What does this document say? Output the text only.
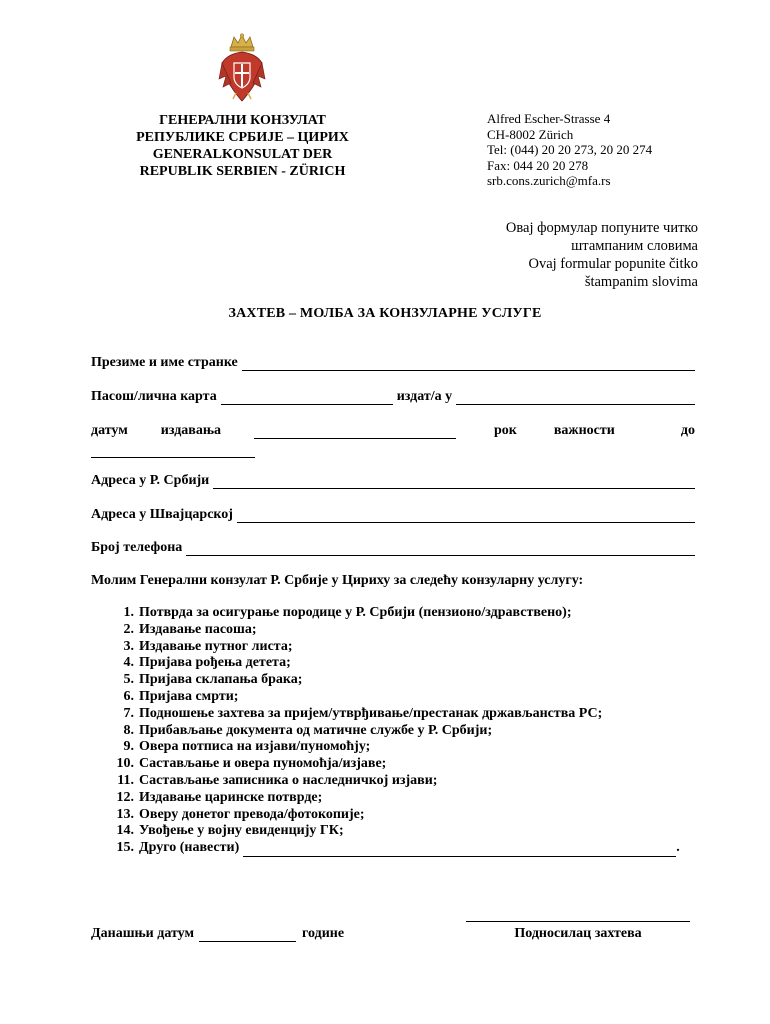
ГЕНЕРАЛНИ КОНЗУЛАТ
РЕПУБЛИКЕ СРБИЈЕ – ЦИРИХ
GENERALKONSULAT DER
REPUBLIK SERBIEN - ZÜRICH
Alfred Escher-Strasse 4
CH-8002 Zürich
Tel: (044) 20 20 273, 20 20 274
Fax: 044 20 20 278
srb.cons.zurich@mfa.rs
Овај формулар попуните читко
штампаним словима
Ovaj formular popunite čitko
štampanim slovima
ЗАХТЕВ – МОЛБА ЗА КОНЗУЛАРНЕ УСЛУГЕ
Презиме и име странке
Пасош/лична карта	издат/а у
датум издавања	рок	важности	до
Адреса у Р. Србији
Адреса у Швајцарској
Број телефона
Молим Генерални конзулат Р. Србије у Цириху за следећу конзуларну услугу:
1. Потврда за осигурање породице у Р. Србији (пензионо/здравствено);
2. Издавање пасоша;
3. Издавање путног листа;
4. Пријава рођења детета;
5. Пријава склапања брака;
6. Пријава смрти;
7. Подношење захтева за пријем/утврђивање/престанак држављанства РС;
8. Прибављање документа од матичне службе у Р. Србији;
9. Овера потписа на изјави/пуномоћју;
10. Састављање и овера пуномоћја/изјаве;
11. Састављање записника о наследничкој изјави;
12. Издавање царинске потврде;
13. Оверу донетог превода/фотокопије;
14. Увођење у војну евиденцију ГК;
15. Друго (навести)	.
Подносилац захтева
Данашњи датум	године
